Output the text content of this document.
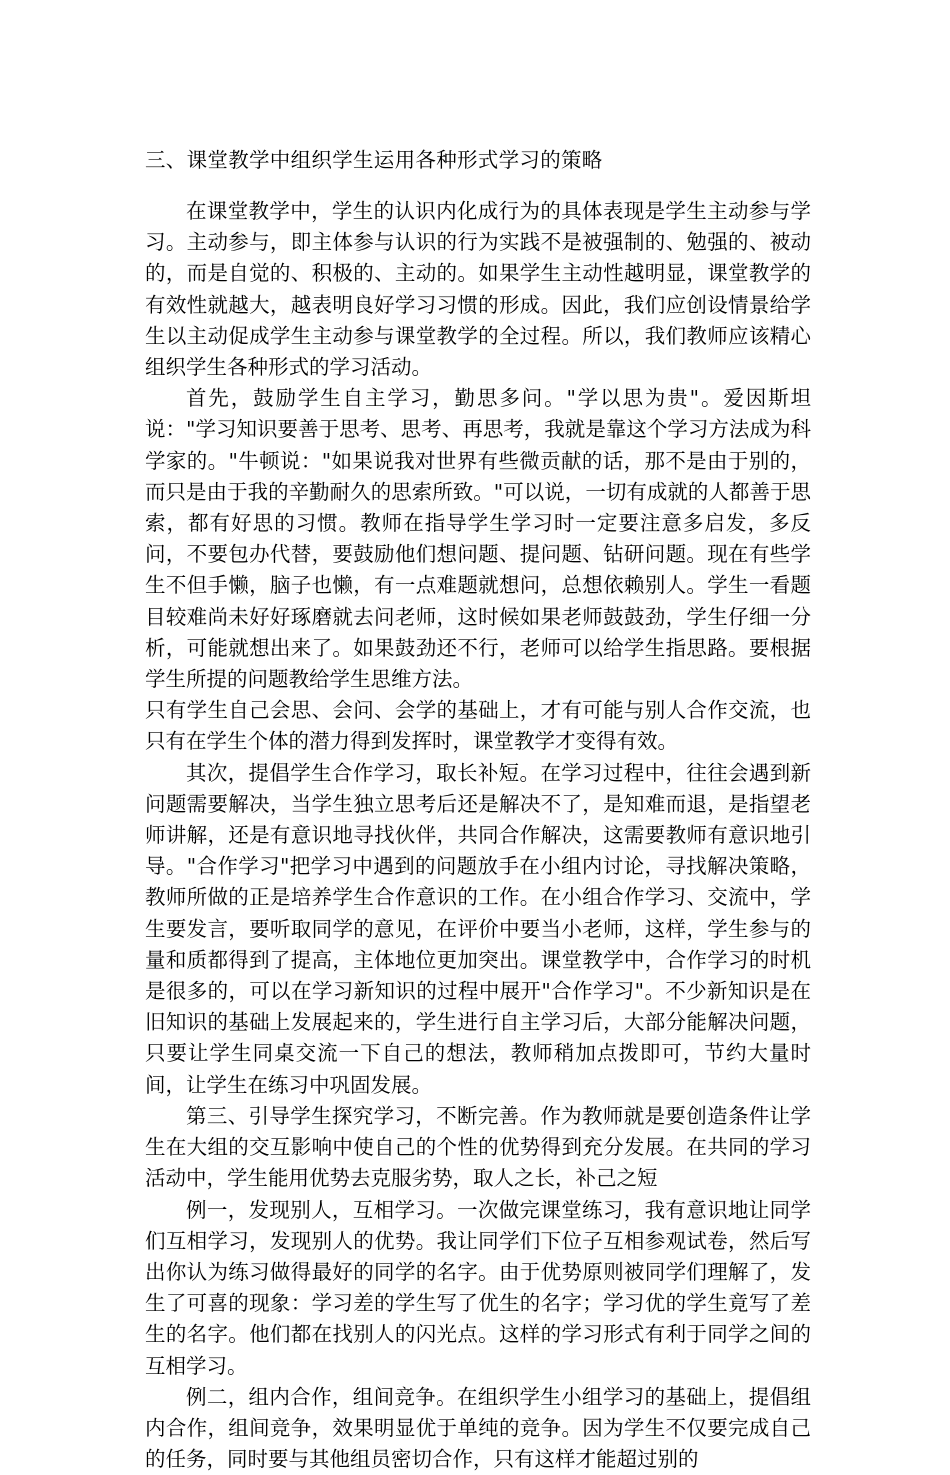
三、课堂教学中组织学生运用各种形式学习的策略

在课堂教学中，学生的认识内化成行为的具体表现是学生主动参与学习。主动参与，即主体参与认识的行为实践不是被强制的、勉强的、被动的，而是自觉的、积极的、主动的。如果学生主动性越明显，课堂教学的有效性就越大，越表明良好学习习惯的形成。因此，我们应创设情景给学生以主动促成学生主动参与课堂教学的全过程。所以，我们教师应该精心组织学生各种形式的学习活动。

首先，鼓励学生自主学习，勤思多问。"学以思为贵"。爱因斯坦说："学习知识要善于思考、思考、再思考，我就是靠这个学习方法成为科学家的。"牛顿说："如果说我对世界有些微贡献的话，那不是由于别的，而只是由于我的辛勤耐久的思索所致。"可以说，一切有成就的人都善于思索，都有好思的习惯。教师在指导学生学习时一定要注意多启发，多反问，不要包办代替，要鼓励他们想问题、提问题、钻研问题。现在有些学生不但手懒，脑子也懒，有一点难题就想问，总想依赖别人。学生一看题目较难尚未好好琢磨就去问老师，这时候如果老师鼓鼓劲，学生仔细一分析，可能就想出来了。如果鼓劲还不行，老师可以给学生指思路。要根据学生所提的问题教给学生思维方法。

只有学生自己会思、会问、会学的基础上，才有可能与别人合作交流，也只有在学生个体的潜力得到发挥时，课堂教学才变得有效。

其次，提倡学生合作学习，取长补短。在学习过程中，往往会遇到新问题需要解决，当学生独立思考后还是解决不了，是知难而退，是指望老师讲解，还是有意识地寻找伙伴，共同合作解决，这需要教师有意识地引导。"合作学习"把学习中遇到的问题放手在小组内讨论，寻找解决策略，教师所做的正是培养学生合作意识的工作。在小组合作学习、交流中，学生要发言，要听取同学的意见，在评价中要当小老师，这样，学生参与的量和质都得到了提高，主体地位更加突出。课堂教学中，合作学习的时机是很多的，可以在学习新知识的过程中展开"合作学习"。不少新知识是在旧知识的基础上发展起来的，学生进行自主学习后，大部分能解决问题，只要让学生同桌交流一下自己的想法，教师稍加点拨即可，节约大量时间，让学生在练习中巩固发展。

第三、引导学生探究学习，不断完善。作为教师就是要创造条件让学生在大组的交互影响中使自己的个性的优势得到充分发展。在共同的学习活动中，学生能用优势去克服劣势，取人之长，补己之短

例一，发现别人，互相学习。一次做完课堂练习，我有意识地让同学们互相学习，发现别人的优势。我让同学们下位子互相参观试卷，然后写出你认为练习做得最好的同学的名字。由于优势原则被同学们理解了，发生了可喜的现象：学习差的学生写了优生的名字；学习优的学生竟写了差生的名字。他们都在找别人的闪光点。这样的学习形式有利于同学之间的互相学习。

例二，组内合作，组间竞争。在组织学生小组学习的基础上，提倡组内合作，组间竞争，效果明显优于单纯的竞争。因为学生不仅要完成自己的任务，同时要与其他组员密切合作，只有这样才能超过别的
